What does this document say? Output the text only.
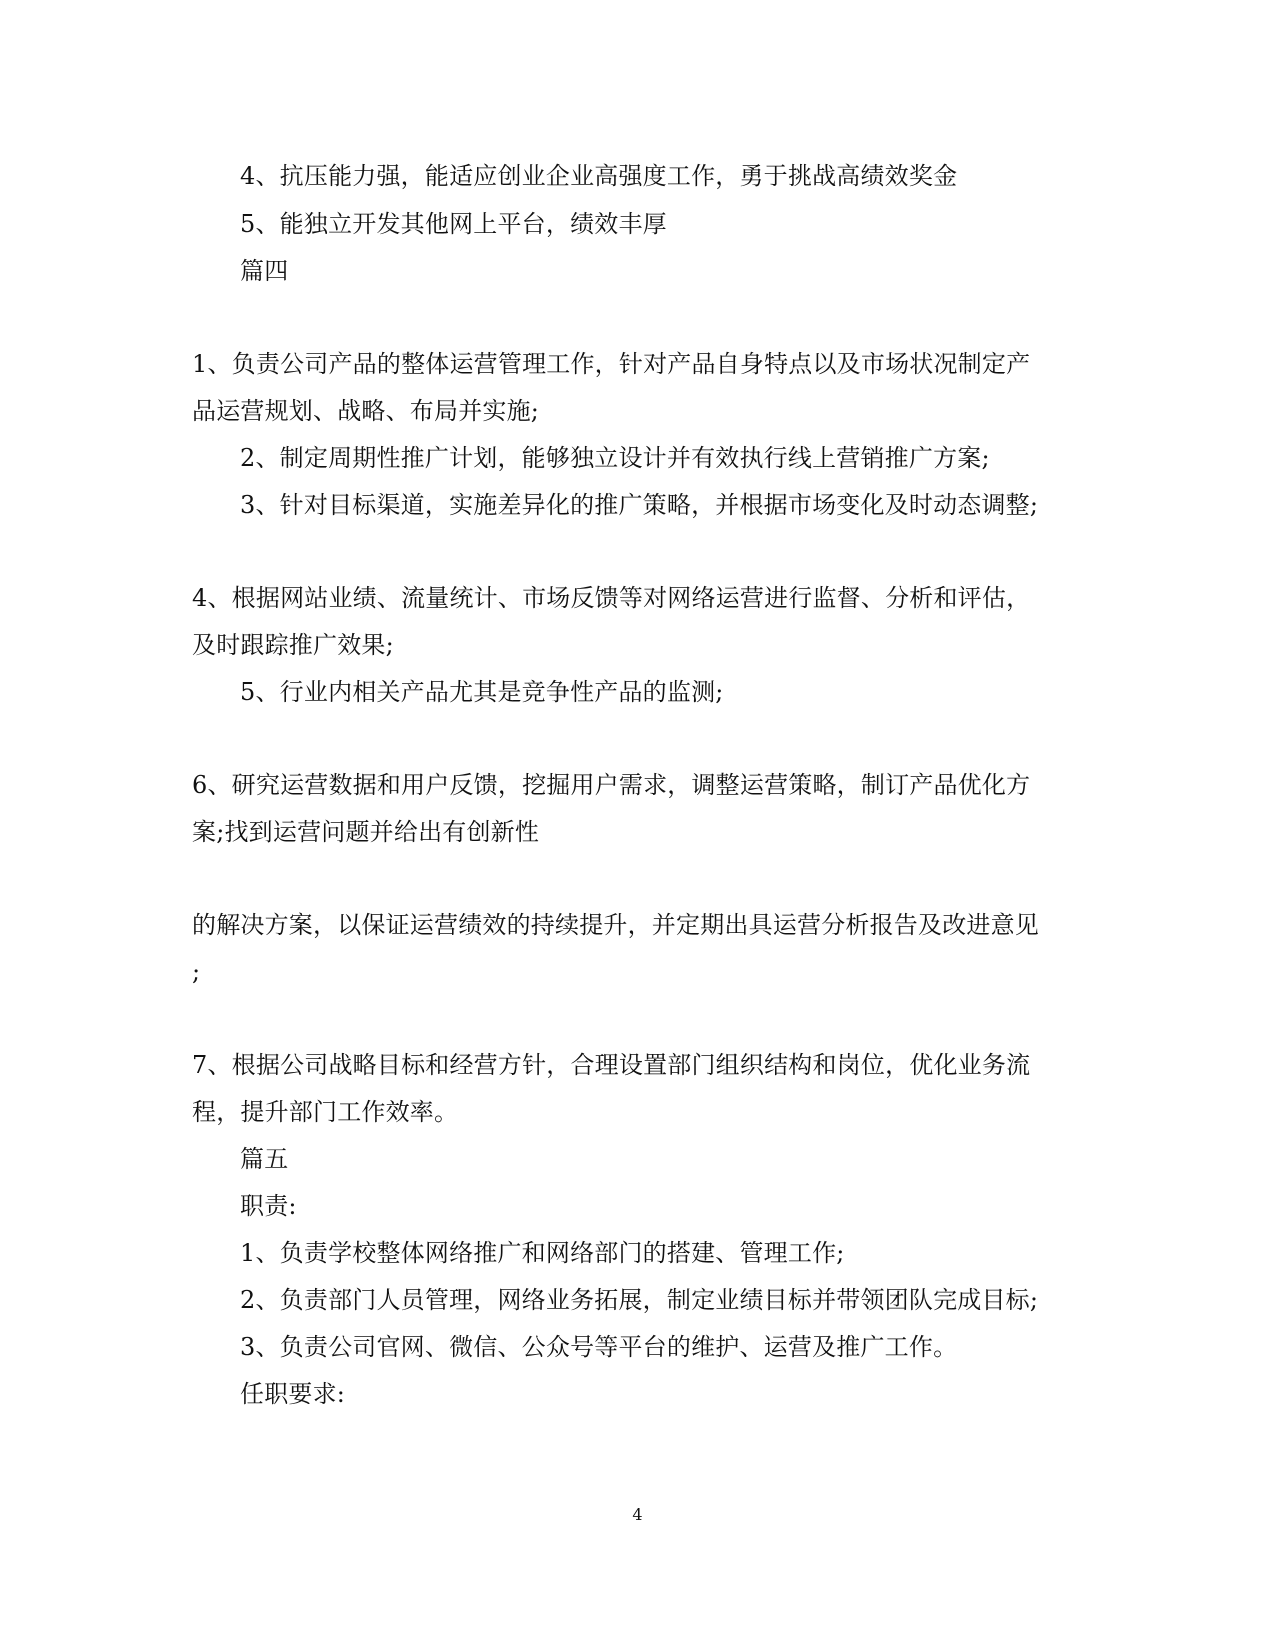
4、抗压能力强，能适应创业企业高强度工作，勇于挑战高绩效奖金
5、能独立开发其他网上平台，绩效丰厚
篇四
1、负责公司产品的整体运营管理工作，针对产品自身特点以及市场状况制定产
品运营规划、战略、布局并实施;
2、制定周期性推广计划，能够独立设计并有效执行线上营销推广方案;
3、针对目标渠道，实施差异化的推广策略，并根据市场变化及时动态调整;
4、根据网站业绩、流量统计、市场反馈等对网络运营进行监督、分析和评估，
及时跟踪推广效果;
5、行业内相关产品尤其是竞争性产品的监测;
6、研究运营数据和用户反馈，挖掘用户需求，调整运营策略，制订产品优化方
案;找到运营问题并给出有创新性
的解决方案，以保证运营绩效的持续提升，并定期出具运营分析报告及改进意见
;
7、根据公司战略目标和经营方针，合理设置部门组织结构和岗位，优化业务流
程，提升部门工作效率。
篇五
职责:
1、负责学校整体网络推广和网络部门的搭建、管理工作;
2、负责部门人员管理，网络业务拓展，制定业绩目标并带领团队完成目标;
3、负责公司官网、微信、公众号等平台的维护、运营及推广工作。
任职要求:
4
